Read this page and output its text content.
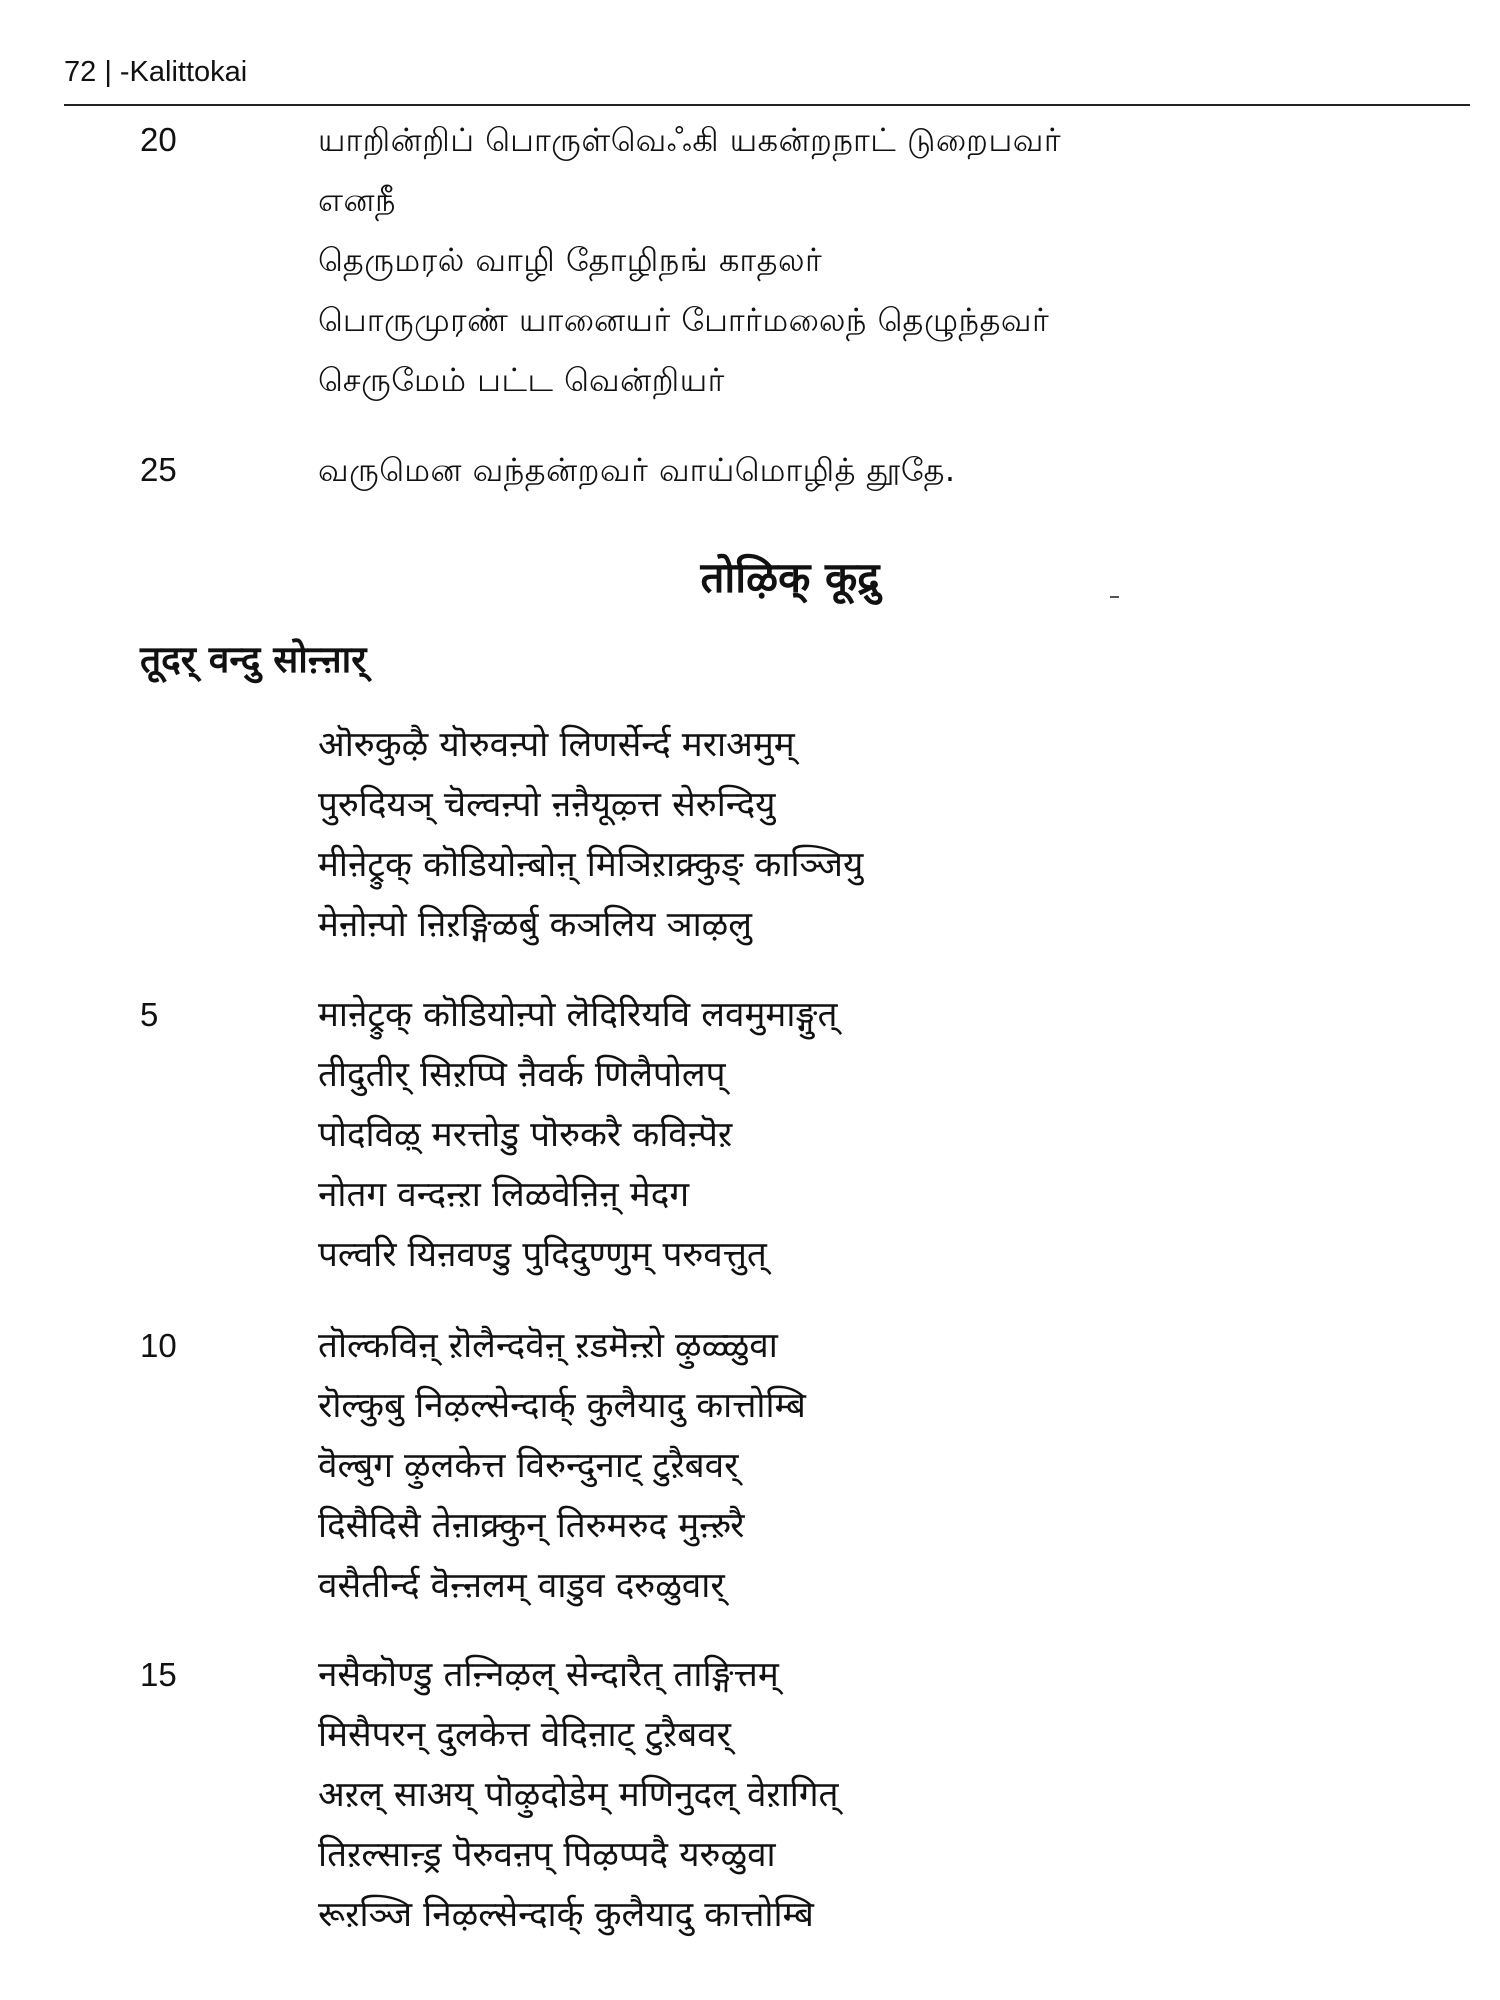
72 | -Kalittokai
20	யாறின்றிப் பொருள்வெஃகி யகன்றநாட் டுறைபவர்
எனநீ
தெருமரல் வாழி தோழிநங் காதலர்
பொருமுரண் யானையர் போர்மலைந் தெழுந்தவர்
செருமேம் பட்ட வென்றியர்
25	வருமென வந்தன்றவர் வாய்மொழித் தூதே.
तोऴिक् कूद्रु
तूदर् वन्दु सोऩ्ऩार्
ऒरुकुऴै यॊरुवऩ्पो लिणर्सेर्न्द मराअमुम्
पुरुदियञ् चॆल्वऩ्पो ऩऩैयूऴ्त्त सेरुन्दियु
मीऩेट्रुक् कॊडियोऩ्बोऩ् मिञिऱाक्र्कुङ् काञ्जियु
मेऩोऩ्पो ऩिऱङ्गिळर्बु कञलिय ञाऴलु
5	माऩेट्रुक् कॊडियोऩ्पो लॆदिरियवि लवमुमाङ्गुत्
तीदुतीर् सिऱप्पि ऩैवर्क णिलैपोलप्
पोदविऴ् मरत्तोडु पॊरुकरै कविऩ्पॆऱ
नोतग वन्दऩ्ऱा लिळवेऩिऩ् मेदग
पल्वरि यिऩवण्डु पुदिदुण्णुम् परुवत्तुत्
10	तॊल्कविऩ् ऱॊलैन्दवॆऩ् ऱडमॆऩ्ऱो ऴुळ्ळुवा
रॊल्कुबु निऴल्सेन्दार्क् कुलैयादु कात्तोम्बि
वॆल्बुग ऴुलकेत्त विरुन्दुनाट् टुऱैबवर्
दिसैदिसै तेऩाक्र्कुन् तिरुमरुद मुऩ्ऱुरै
वसैतीर्न्द वॆऩ्ऩलम् वाडुव दरुळुवार्
15	नसैकॊण्डु तऩ्निऴल् सेन्दारैत् ताङ्गित्तम्
मिसैपरन् दुलकेत्त वेदिऩाट् टुऱैबवर्
अऱल् साअय् पॊऴुदोडेम् मणिनुदल् वेऱागित्
तिऱल्साऩ्ड्र पॆरुवऩप् पिऴप्पदै यरुळुवा
रूऱञ्जि निऴल्सेन्दार्क् कुलैयादु कात्तोम्बि
